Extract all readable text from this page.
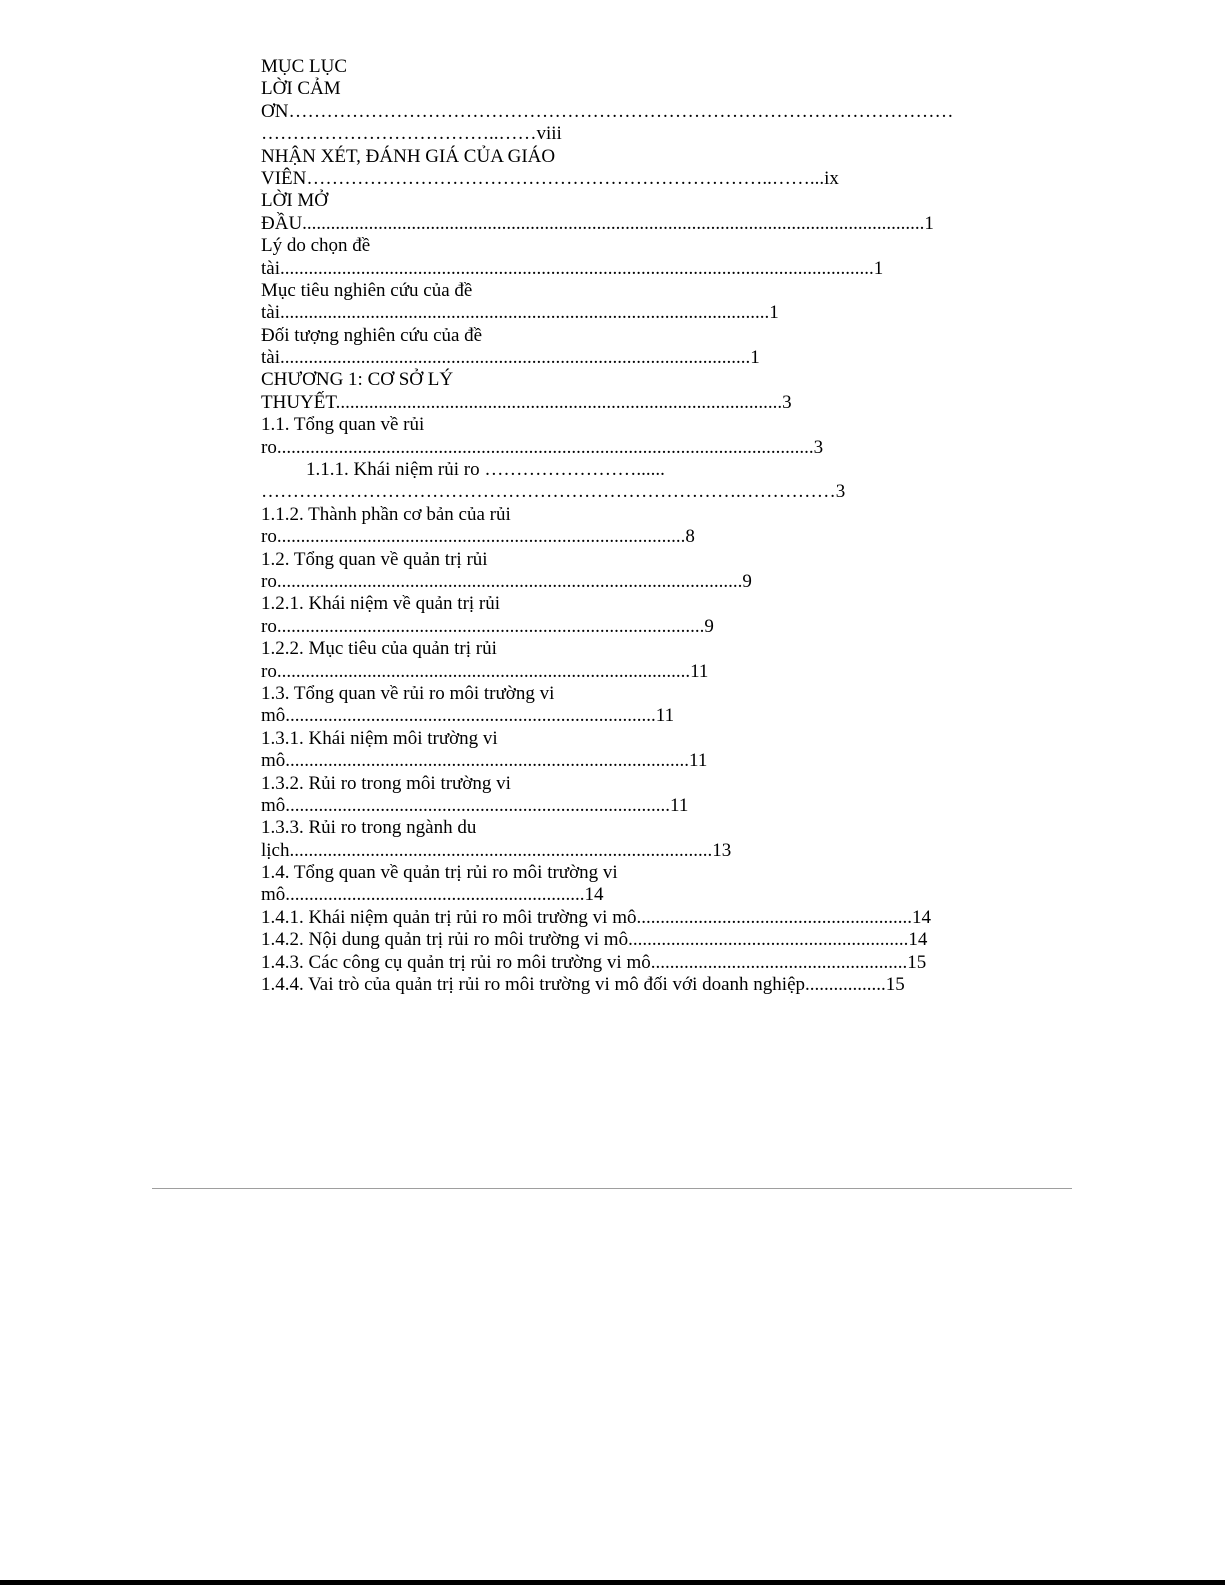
MỤC LỤC
LỜI CẢM
ƠN……………………………………………………………………………………………
………………………………..……viii
NHẬN XÉT, ĐÁNH GIÁ CỦA GIÁO
VIÊN………………………………………………………………..……...ix
LỜI MỞ
ĐẦU...................................................................................................................................1
Lý do chọn đề
tài.............................................................................................................................1
Mục tiêu nghiên cứu của đề
tài.......................................................................................................1
Đối tượng nghiên cứu của đề
tài...................................................................................................1
CHƯƠNG 1: CƠ SỞ LÝ
THUYẾT..............................................................................................3
1.1. Tổng quan về rủi
ro.................................................................................................................3
1.1.1. Khái niệm rủi ro ……………………......
………………………………………………………………….……………3
1.1.2. Thành phần cơ bản của rủi
ro......................................................................................8
1.2. Tổng quan về quản trị rủi
ro..................................................................................................9
1.2.1. Khái niệm về quản trị rủi
ro..........................................................................................9
1.2.2. Mục tiêu của quản trị rủi
ro.......................................................................................11
1.3. Tổng quan về rủi ro môi trường vi
mô..............................................................................11
1.3.1. Khái niệm môi trường vi
mô.....................................................................................11
1.3.2. Rủi ro trong môi trường vi
mô.................................................................................11
1.3.3. Rủi ro trong ngành du
lịch.........................................................................................13
1.4. Tổng quan về quản trị rủi ro môi trường vi
mô...............................................................14
1.4.1. Khái niệm quản trị rủi ro môi trường vi mô..........................................................14
1.4.2. Nội dung quản trị rủi ro môi trường vi mô...........................................................14
1.4.3. Các công cụ quản trị rủi ro môi trường vi mô......................................................15
1.4.4. Vai trò của quản trị rủi ro môi trường vi mô đối với doanh nghiệp.................15
